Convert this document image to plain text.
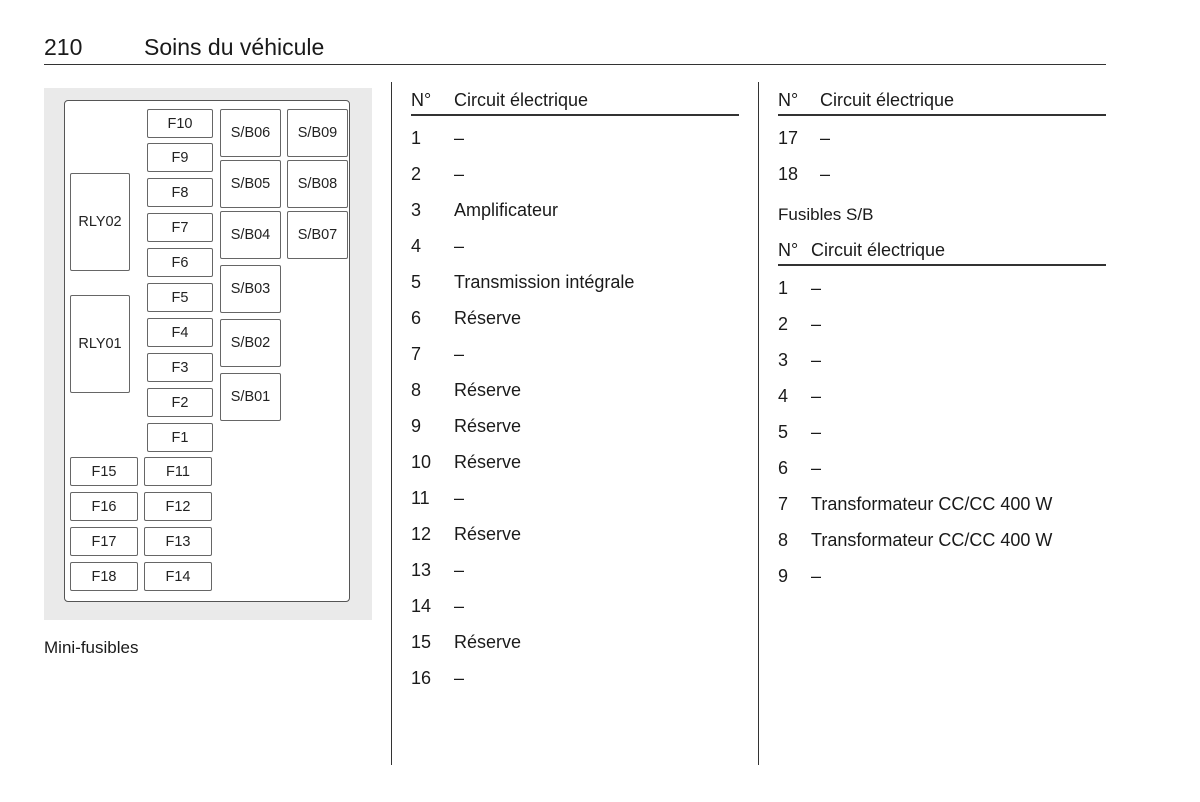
210	Soins du véhicule
F10
F9
F8
F7
F6
F5
F4
F3
F2
F1
S/B06
S/B05
S/B04
S/B03
S/B02
S/B01
S/B09
S/B08
S/B07
RLY02
RLY01
F15
F16
F17
F18
F11
F12
F13
F14
Mini-fusibles
N°	Circuit électrique
1	–
2	–
3	Amplificateur
4	–
5	Transmission intégrale
6	Réserve
7	–
8	Réserve
9	Réserve
10	Réserve
11	–
12	Réserve
13	–
14	–
15	Réserve
16	–
N°	Circuit électrique
17	–
18	–
Fusibles S/B
N° Circuit électrique
1	–
2	–
3	–
4	–
5	–
6	–
7	Transformateur CC/CC 400 W
8	Transformateur CC/CC 400 W
9	–
